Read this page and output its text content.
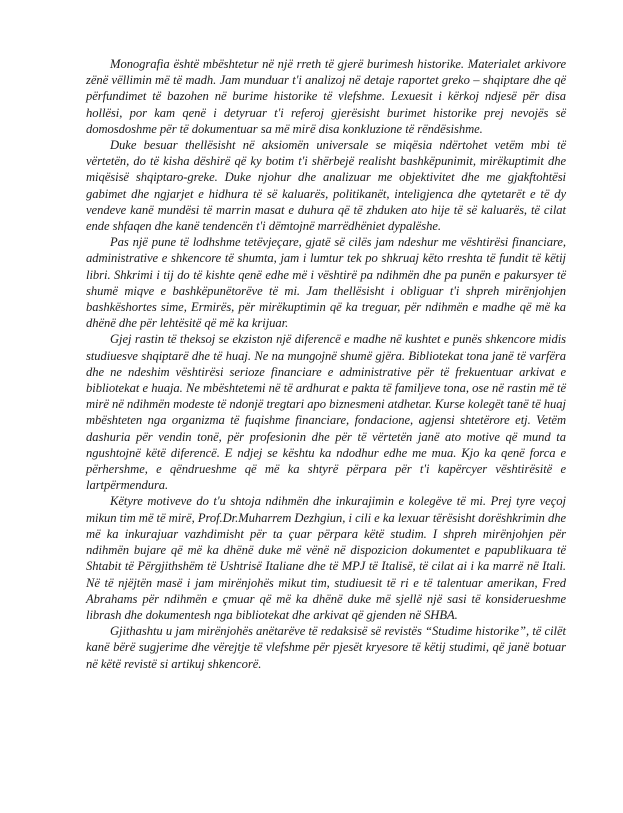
Monografia është mbështetur në një rreth të gjerë burimesh historike. Materialet arkivore zënë vëllimin më të madh. Jam munduar t'i analizoj në detaje raportet greko – shqiptare dhe që përfundimet të bazohen në burime historike të vlefshme. Lexuesit i kërkoj ndjesë për disa hollësi, por kam qenë i detyruar t'i referoj gjerësisht burimet historike prej nevojës së domosdoshme për të dokumentuar sa më mirë disa konkluzione të rëndësishme.

Duke besuar thellësisht në aksiomën universale se miqësia ndërtohet vetëm mbi të vërtetën, do të kisha dëshirë që ky botim t'i shërbejë realisht bashkëpunimit, mirëkuptimit dhe miqësisë shqiptaro-greke. Duke njohur dhe analizuar me objektivitet dhe me gjakftohtësi gabimet dhe ngjarjet e hidhura të së kaluarës, politikanët, inteligjenca dhe qytetarët e të dy vendeve kanë mundësi të marrin masat e duhura që të zhduken ato hije të së kaluarës, të cilat ende shfaqen dhe kanë tendencën t'i dëmtojnë marrëdhëniet dypalëshe.

Pas një pune të lodhshme tetëvjeçare, gjatë së cilës jam ndeshur me vështirësi financiare, administrative e shkencore të shumta, jam i lumtur tek po shkruaj këto rreshta të fundit të këtij libri. Shkrimi i tij do të kishte qenë edhe më i vështirë pa ndihmën dhe pa punën e pakursyer të shumë miqve e bashkëpunëtorëve të mi. Jam thellësisht i obliguar t'i shpreh mirënjohjen bashkëshortes sime, Ermirës, për mirëkuptimin që ka treguar, për ndihmën e madhe që më ka dhënë dhe për lehtësitë që më ka krijuar.

Gjej rastin të theksoj se ekziston një diferencë e madhe në kushtet e punës shkencore midis studiuesve shqiptarë dhe të huaj. Ne na mungojnë shumë gjëra. Bibliotekat tona janë të varfëra dhe ne ndeshim vështirësi serioze financiare e administrative për të frekuentuar arkivat e bibliotekat e huaja. Ne mbështetemi në të ardhurat e pakta të familjeve tona, ose në rastin më të mirë në ndihmën modeste të ndonjë tregtari apo biznesmeni atdhetar. Kurse kolegët tanë të huaj mbështeten nga organizma të fuqishme financiare, fondacione, agjensi shtetërore etj. Vetëm dashuria për vendin tonë, për profesionin dhe për të vërtetën janë ato motive që mund ta ngushtojnë këtë diferencë. E ndjej se kështu ka ndodhur edhe me mua. Kjo ka qenë forca e përhershme, e qëndrueshme që më ka shtyrë përpara për t'i kapërcyer vështirësitë e lartpërmendura.

Këtyre motiveve do t'u shtoja ndihmën dhe inkurajimin e kolegëve të mi. Prej tyre veçoj mikun tim më të mirë, Prof.Dr.Muharrem Dezhgiun, i cili e ka lexuar tërësisht dorëshkrimin dhe më ka inkurajuar vazhdimisht për ta çuar përpara këtë studim. I shpreh mirënjohjen për ndihmën bujare që më ka dhënë duke më vënë në dispozicion dokumentet e papublikuara të Shtabit të Përgjithshëm të Ushtrisë Italiane dhe të MPJ të Italisë, të cilat ai i ka marrë në Itali. Në të njëjtën masë i jam mirënjohës mikut tim, studiuesit të ri e të talentuar amerikan, Fred Abrahams për ndihmën e çmuar që më ka dhënë duke më sjellë një sasi të konsiderueshme librash dhe dokumentesh nga bibliotekat dhe arkivat që gjenden në SHBA.

Gjithashtu u jam mirënjohës anëtarëve të redaksisë së revistës “Studime historike”, të cilët kanë bërë sugjerime dhe vërejtje të vlefshme për pjesët kryesore të këtij studimi, që janë botuar në këtë revistë si artikuj shkencorë.
